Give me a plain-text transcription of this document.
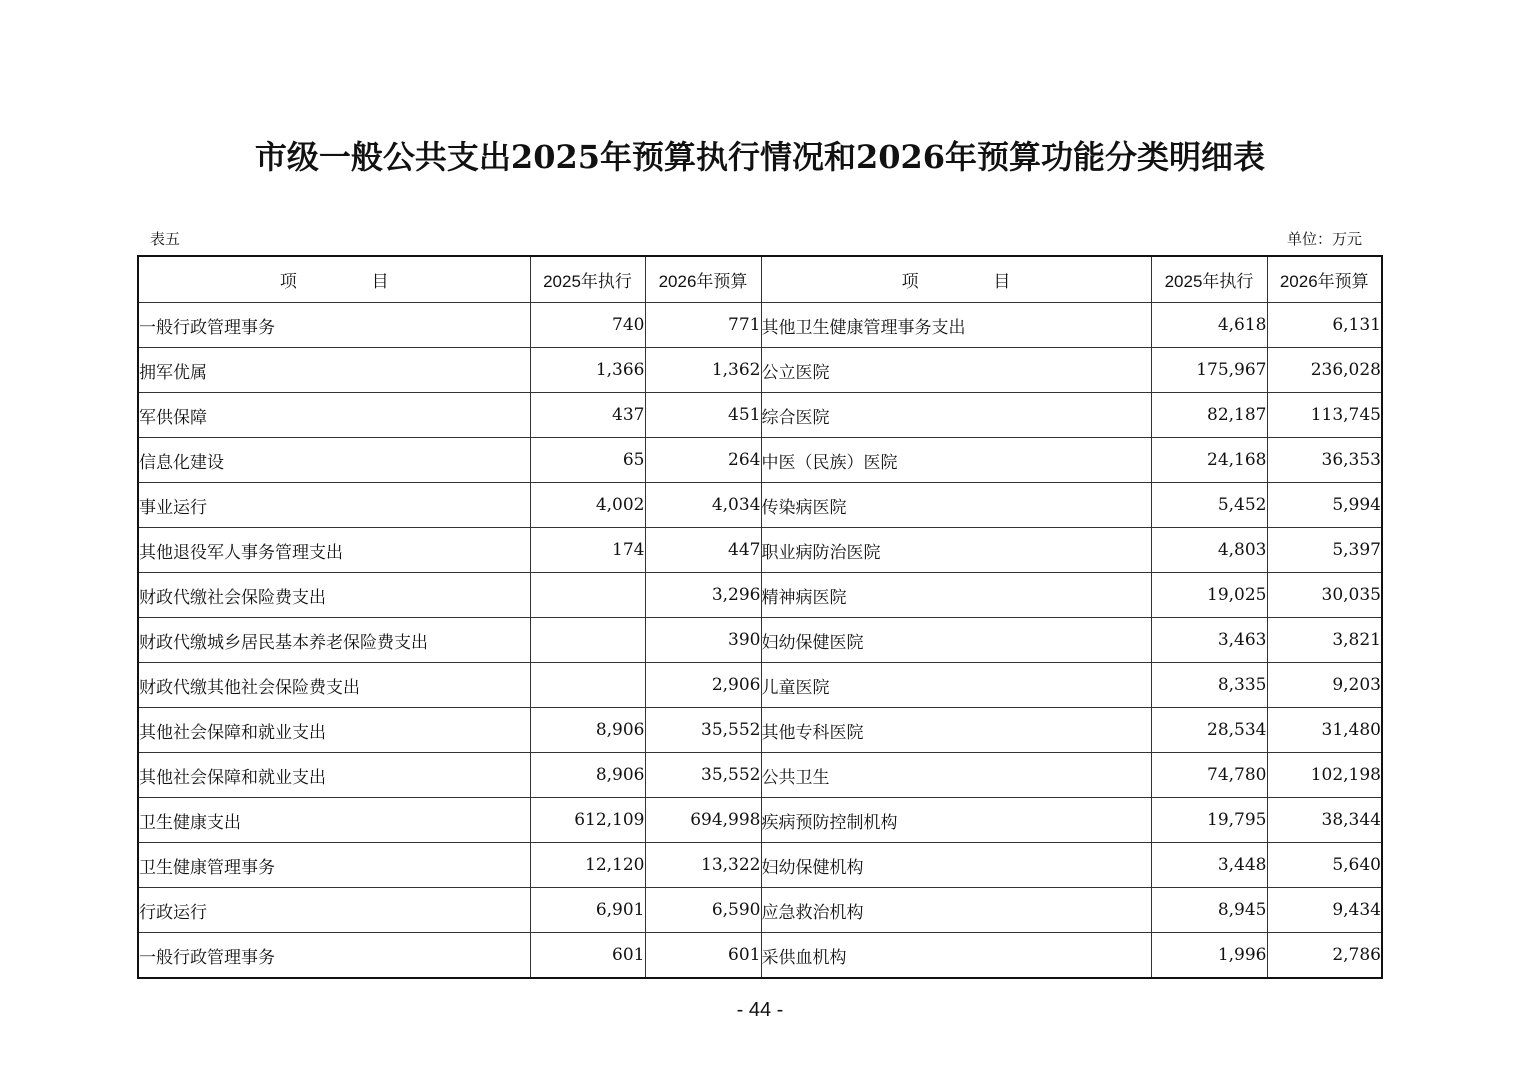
市级一般公共支出2025年预算执行情况和2026年预算功能分类明细表
表五	单位：万元
项 目	2025年执行	2026年预算	项 目	2025年执行	2026年预算
一般行政管理事务	740	771	其他卫生健康管理事务支出	4,618	6,131
拥军优属	1,366	1,362	公立医院	175,967	236,028
军供保障	437	451	综合医院	82,187	113,745
信息化建设	65	264	中医（民族）医院	24,168	36,353
事业运行	4,002	4,034	传染病医院	5,452	5,994
其他退役军人事务管理支出	174	447	职业病防治医院	4,803	5,397
财政代缴社会保险费支出		3,296	精神病医院	19,025	30,035
财政代缴城乡居民基本养老保险费支出		390	妇幼保健医院	3,463	3,821
财政代缴其他社会保险费支出		2,906	儿童医院	8,335	9,203
其他社会保障和就业支出	8,906	35,552	其他专科医院	28,534	31,480
其他社会保障和就业支出	8,906	35,552	公共卫生	74,780	102,198
卫生健康支出	612,109	694,998	疾病预防控制机构	19,795	38,344
卫生健康管理事务	12,120	13,322	妇幼保健机构	3,448	5,640
行政运行	6,901	6,590	应急救治机构	8,945	9,434
一般行政管理事务	601	601	采供血机构	1,996	2,786
- 44 -
